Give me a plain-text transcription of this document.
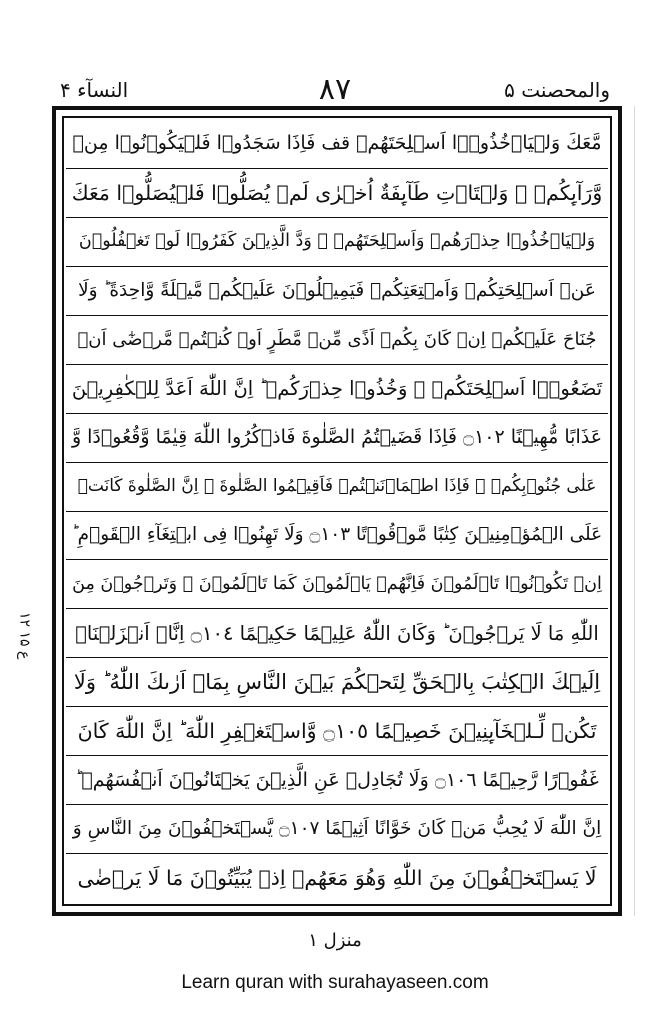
والمحصنت ۵
٨٧
النسآء ۴
ع ۱۵ ۱۲
مَّعَكَ وَلۡيَاۡخُذُوۡۤا اَسۡلِحَتَهُمۡ قف فَاِذَا سَجَدُوۡا فَلۡيَكُوۡنُوۡا مِنۡ
وَّرَآٮِٕكُمۡ ۖ وَلۡتَاۡتِ طَآٮِٕفَةٌ اُخۡرٰى لَمۡ يُصَلُّوۡا فَلۡيُصَلُّوۡا مَعَكَ
وَلۡيَاۡخُذُوۡا حِذۡرَهُمۡ وَاَسۡلِحَتَهُمۡ ۚ وَدَّ الَّذِيۡنَ كَفَرُوۡا لَوۡ تَغۡفُلُوۡنَ
عَنۡ اَسۡلِحَتِكُمۡ وَاَمۡتِعَتِكُمۡ فَيَمِيۡلُوۡنَ عَلَيۡكُمۡ مَّيۡلَةً وَّاحِدَةً ؕ وَلَا
جُنَاحَ عَلَيۡكُمۡ اِنۡ كَانَ بِكُمۡ اَذًى مِّنۡ مَّطَرٍ اَوۡ كُنۡتُمۡ مَّرۡضٰٓى اَنۡ
تَضَعُوۡۤا اَسۡلِحَتَكُمۡ ۚ وَخُذُوۡا حِذۡرَكُمۡ ؕ اِنَّ اللّٰهَ اَعَدَّ لِلۡكٰفِرِيۡنَ
عَذَابًا مُّهِيۡنًا ۝١٠٢ فَاِذَا قَضَيۡتُمُ الصَّلٰوةَ فَاذۡكُرُوا اللّٰهَ قِيٰمًا وَّقُعُوۡدًا وَّ
عَلٰى جُنُوۡبِكُمۡ ۚ فَاِذَا اطۡمَاۡنَنۡتُمۡ فَاَقِيۡمُوا الصَّلٰوةَ ۚ اِنَّ الصَّلٰوةَ كَانَتۡ
عَلَى الۡمُؤۡمِنِيۡنَ كِتٰبًا مَّوۡقُوۡتًا ۝١٠٣ وَلَا تَهِنُوۡا فِى ابۡتِغَآءِ الۡقَوۡمِ ؕ
اِنۡ تَكُوۡنُوۡا تَاۡلَمُوۡنَ فَاِنَّهُمۡ يَاۡلَمُوۡنَ كَمَا تَاۡلَمُوۡنَ ۚ وَتَرۡجُوۡنَ مِنَ
اللّٰهِ مَا لَا يَرۡجُوۡنَ ؕ وَكَانَ اللّٰهُ عَلِيۡمًا حَكِيۡمًا ۝١٠٤ اِنَّاۤ اَنۡزَلۡنَاۤ
اِلَيۡكَ الۡكِتٰبَ بِالۡحَقِّ لِتَحۡكُمَ بَيۡنَ النَّاسِ بِمَاۤ اَرٰٮكَ اللّٰهُ ؕ وَلَا
تَكُنۡ لِّـلۡخَآٮِٕنِيۡنَ خَصِيۡمًا ۝١٠٥ وَّاسۡتَغۡفِرِ اللّٰهَ ؕ اِنَّ اللّٰهَ كَانَ
غَفُوۡرًا رَّحِيۡمًا ۝١٠٦ وَلَا تُجَادِلۡ عَنِ الَّذِيۡنَ يَخۡتَانُوۡنَ اَنۡفُسَهُمۡ ؕ
اِنَّ اللّٰهَ لَا يُحِبُّ مَنۡ كَانَ خَوَّانًا اَثِيۡمًا ۝١٠٧ يَّسۡتَخۡفُوۡنَ مِنَ النَّاسِ وَ
لَا يَسۡتَخۡفُوۡنَ مِنَ اللّٰهِ وَهُوَ مَعَهُمۡ اِذۡ يُبَيِّتُوۡنَ مَا لَا يَرۡضٰى
منزل ۱
Learn quran with surahayaseen.com
